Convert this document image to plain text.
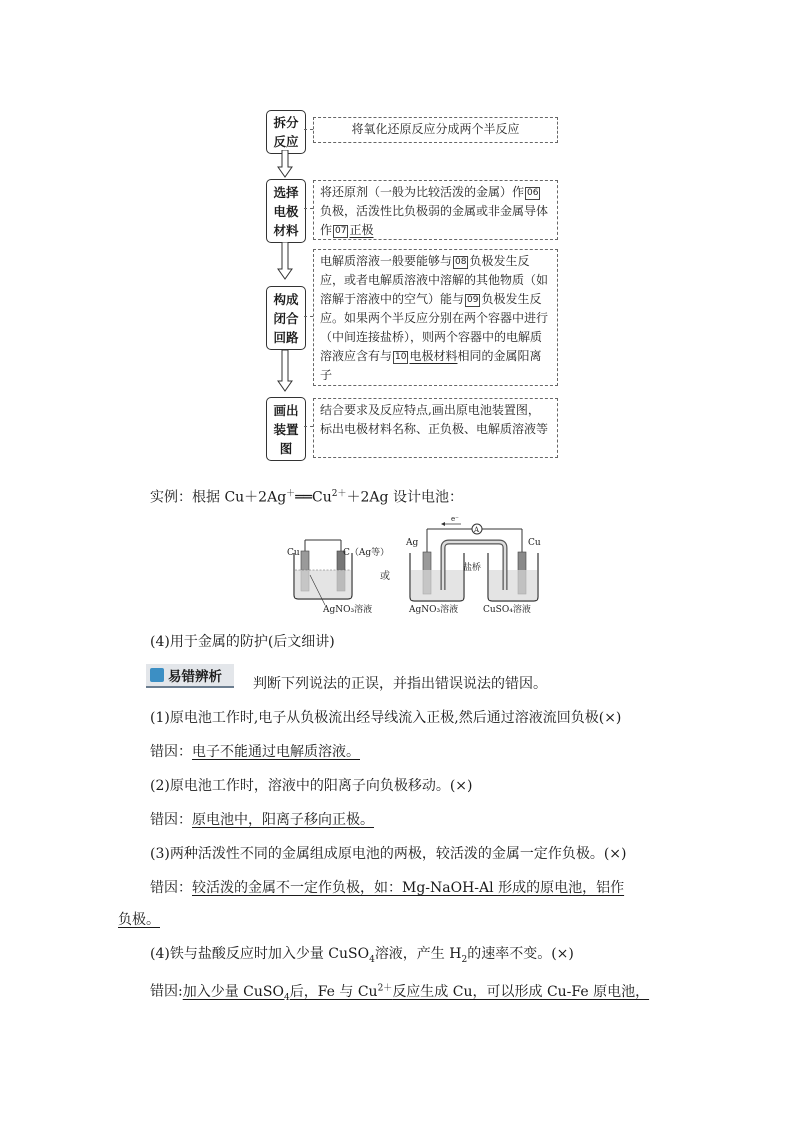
拆分
反应
将氧化还原反应分成两个半反应
选择
电极
材料
将还原剂（一般为比较活泼的金属）作 06负极，活泼性比负极弱的金属或非金属导体作 07 正极
构成
闭合
回路
电解质溶液一般要能够与 08 负极发生反应，或者电解质溶液中溶解的其他物质（如溶解于溶液中的空气）能与 09 负极发生反应。如果两个半反应分别在两个容器中进行（中间连接盐桥），则两个容器中的电解质溶液应含有与 10 电极材料相同的金属阳离子
画出
装置
图
结合要求及反应特点,画出原电池装置图，标出电极材料名称、正负极、电解质溶液等
实例：根据 $Cu+2Ag^+══Cu^{2+}+2Ag$ 设计电池：
Cu	C（Ag等）
AgNO₃溶液
或
A
e⁻
Ag	Cu
盐桥
AgNO₃溶液	CuSO₄溶液
(4)用于金属的防护(后文细讲)
易错辨析 判断下列说法的正误，并指出错误说法的错因。
(1)原电池工作时,电子从负极流出经导线流入正极,然后通过溶液流回负极(×)
错因：电子不能通过电解质溶液。
(2)原电池工作时，溶液中的阳离子向负极移动。(×)
错因：原电池中，阳离子移向正极。
(3)两种活泼性不同的金属组成原电池的两极，较活泼的金属一定作负极。(×)
错因：较活泼的金属不一定作负极，如：Mg-NaOH-Al 形成的原电池，铝作
负极。
(4)铁与盐酸反应时加入少量 CuSO$_4$溶液，产生 $H_2$的速率不变。(×)
错因:加入少量 CuSO$_4$后，Fe 与 $Cu^{2+}$反应生成 Cu，可以形成 Cu-Fe 原电池，
